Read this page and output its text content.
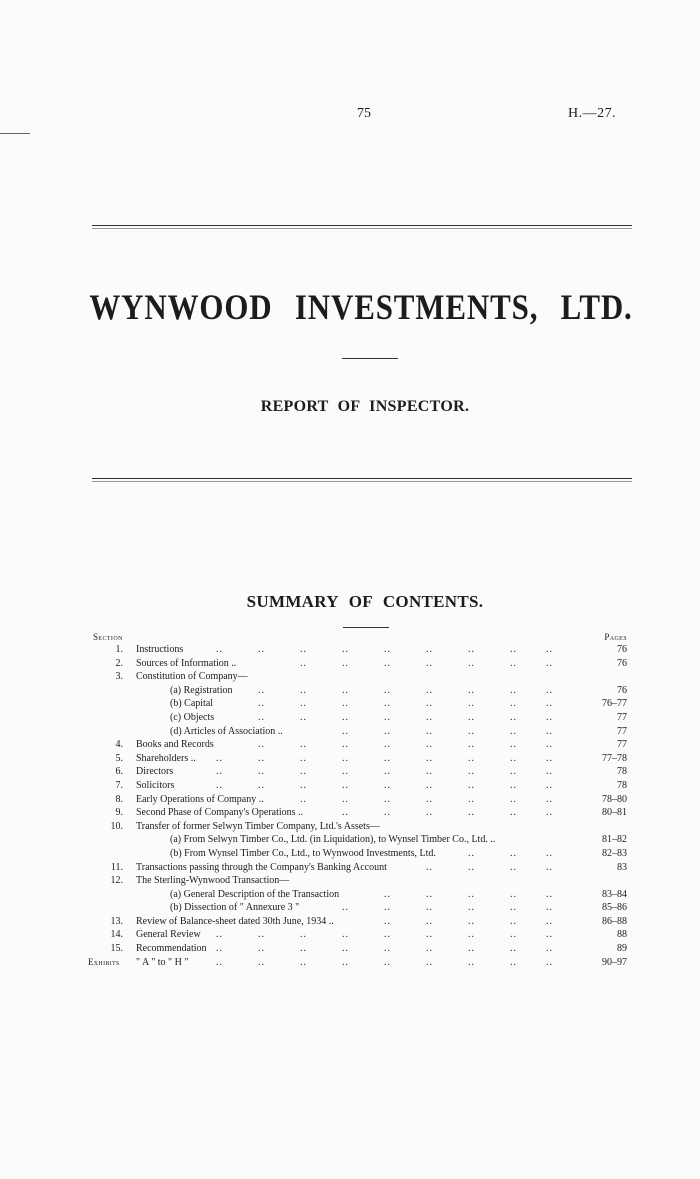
75	H.—27.
WYNWOOD INVESTMENTS, LTD.
REPORT OF INSPECTOR.
SUMMARY OF CONTENTS.
Section	Pages
1. Instructions	..	..	..	..	..	..	..	..	..	76
2. Sources of Information ..	..	..	..	..	..	..	..	76
3. Constitution of Company—
(a) Registration	..	..	..	..	..	..	..	..	76
(b) Capital	..	..	..	..	..	..	..	..	76–77
(c) Objects	..	..	..	..	..	..	..	..	77
(d) Articles of Association ..	..	..	..	..	..	..	77
4. Books and Records	..	..	..	..	..	..	..	..	77
5. Shareholders .. ..	..	..	..	..	..	..	..	..	77–78
6. Directors	..	..	..	..	..	..	..	..	..	78
7. Solicitors	..	..	..	..	..	..	..	..	..	78
8. Early Operations of Company ..	..	..	..	..	..	..	..	78–80
9. Second Phase of Company's Operations ..	..	..	..	..	..	..	80–81
10. Transfer of former Selwyn Timber Company, Ltd.'s Assets—
(a) From Selwyn Timber Co., Ltd. (in Liquidation), to Wynsel Timber Co., Ltd. ..	81–82
(b) From Wynsel Timber Co., Ltd., to Wynwood Investments, Ltd.	..	..	..	82–83
11. Transactions passing through the Company's Banking Account	..	..	..	..	83
12. The Sterling-Wynwood Transaction—
(a) General Description of the Transaction	..	..	..	..	..	83–84
(b) Dissection of " Annexure 3 "	..	..	..	..	..	..	85–86
13. Review of Balance-sheet dated 30th June, 1934 ..	..	..	..	..	..	86–88
14. General Review ..	..	..	..	..	..	..	..	..	88
15. Recommendation ..	..	..	..	..	..	..	..	..	89
Exhibits	" A " to " H "	..	..	..	..	..	..	..	..	..	90–97
